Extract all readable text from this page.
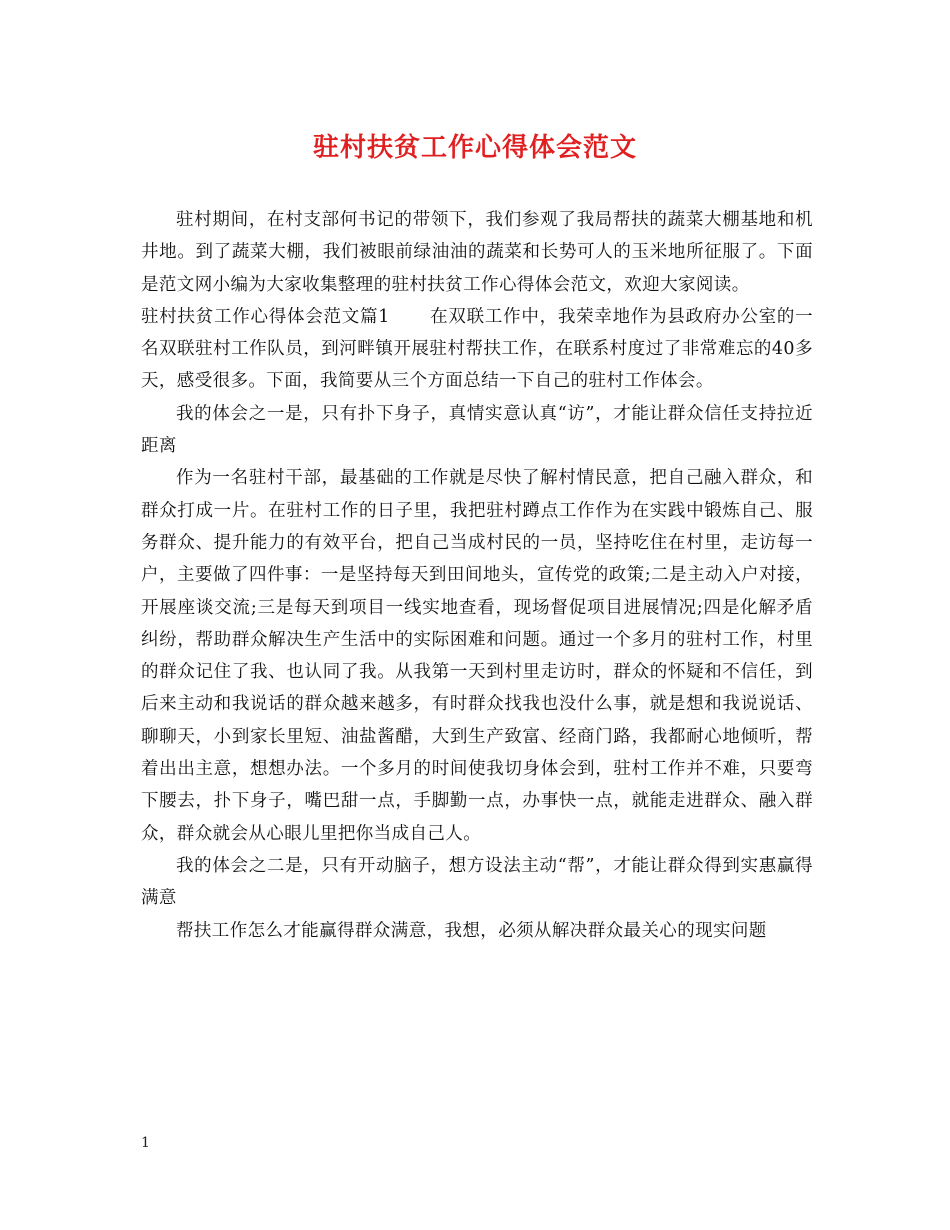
驻村扶贫工作心得体会范文

驻村期间，在村支部何书记的带领下，我们参观了我局帮扶的蔬菜大棚基地和机井地。到了蔬菜大棚，我们被眼前绿油油的蔬菜和长势可人的玉米地所征服了。下面是范文网小编为大家收集整理的驻村扶贫工作心得体会范文，欢迎大家阅读。

驻村扶贫工作心得体会范文篇1 在双联工作中，我荣幸地作为县政府办公室的一名双联驻村工作队员，到河畔镇开展驻村帮扶工作，在联系村度过了非常难忘的40多天，感受很多。下面，我简要从三个方面总结一下自己的驻村工作体会。

我的体会之一是，只有扑下身子，真情实意认真“访”，才能让群众信任支持拉近距离

作为一名驻村干部，最基础的工作就是尽快了解村情民意，把自己融入群众，和群众打成一片。在驻村工作的日子里，我把驻村蹲点工作作为在实践中锻炼自己、服务群众、提升能力的有效平台，把自己当成村民的一员，坚持吃住在村里，走访每一户，主要做了四件事：一是坚持每天到田间地头，宣传党的政策;二是主动入户对接，开展座谈交流;三是每天到项目一线实地查看，现场督促项目进展情况;四是化解矛盾纠纷，帮助群众解决生产生活中的实际困难和问题。通过一个多月的驻村工作，村里的群众记住了我、也认同了我。从我第一天到村里走访时，群众的怀疑和不信任，到后来主动和我说话的群众越来越多，有时群众找我也没什么事，就是想和我说说话、聊聊天，小到家长里短、油盐酱醋，大到生产致富、经商门路，我都耐心地倾听，帮着出出主意，想想办法。一个多月的时间使我切身体会到，驻村工作并不难，只要弯下腰去，扑下身子，嘴巴甜一点，手脚勤一点，办事快一点，就能走进群众、融入群众，群众就会从心眼儿里把你当成自己人。

我的体会之二是，只有开动脑子，想方设法主动“帮”，才能让群众得到实惠赢得满意

帮扶工作怎么才能赢得群众满意，我想，必须从解决群众最关心的现实问题

1
